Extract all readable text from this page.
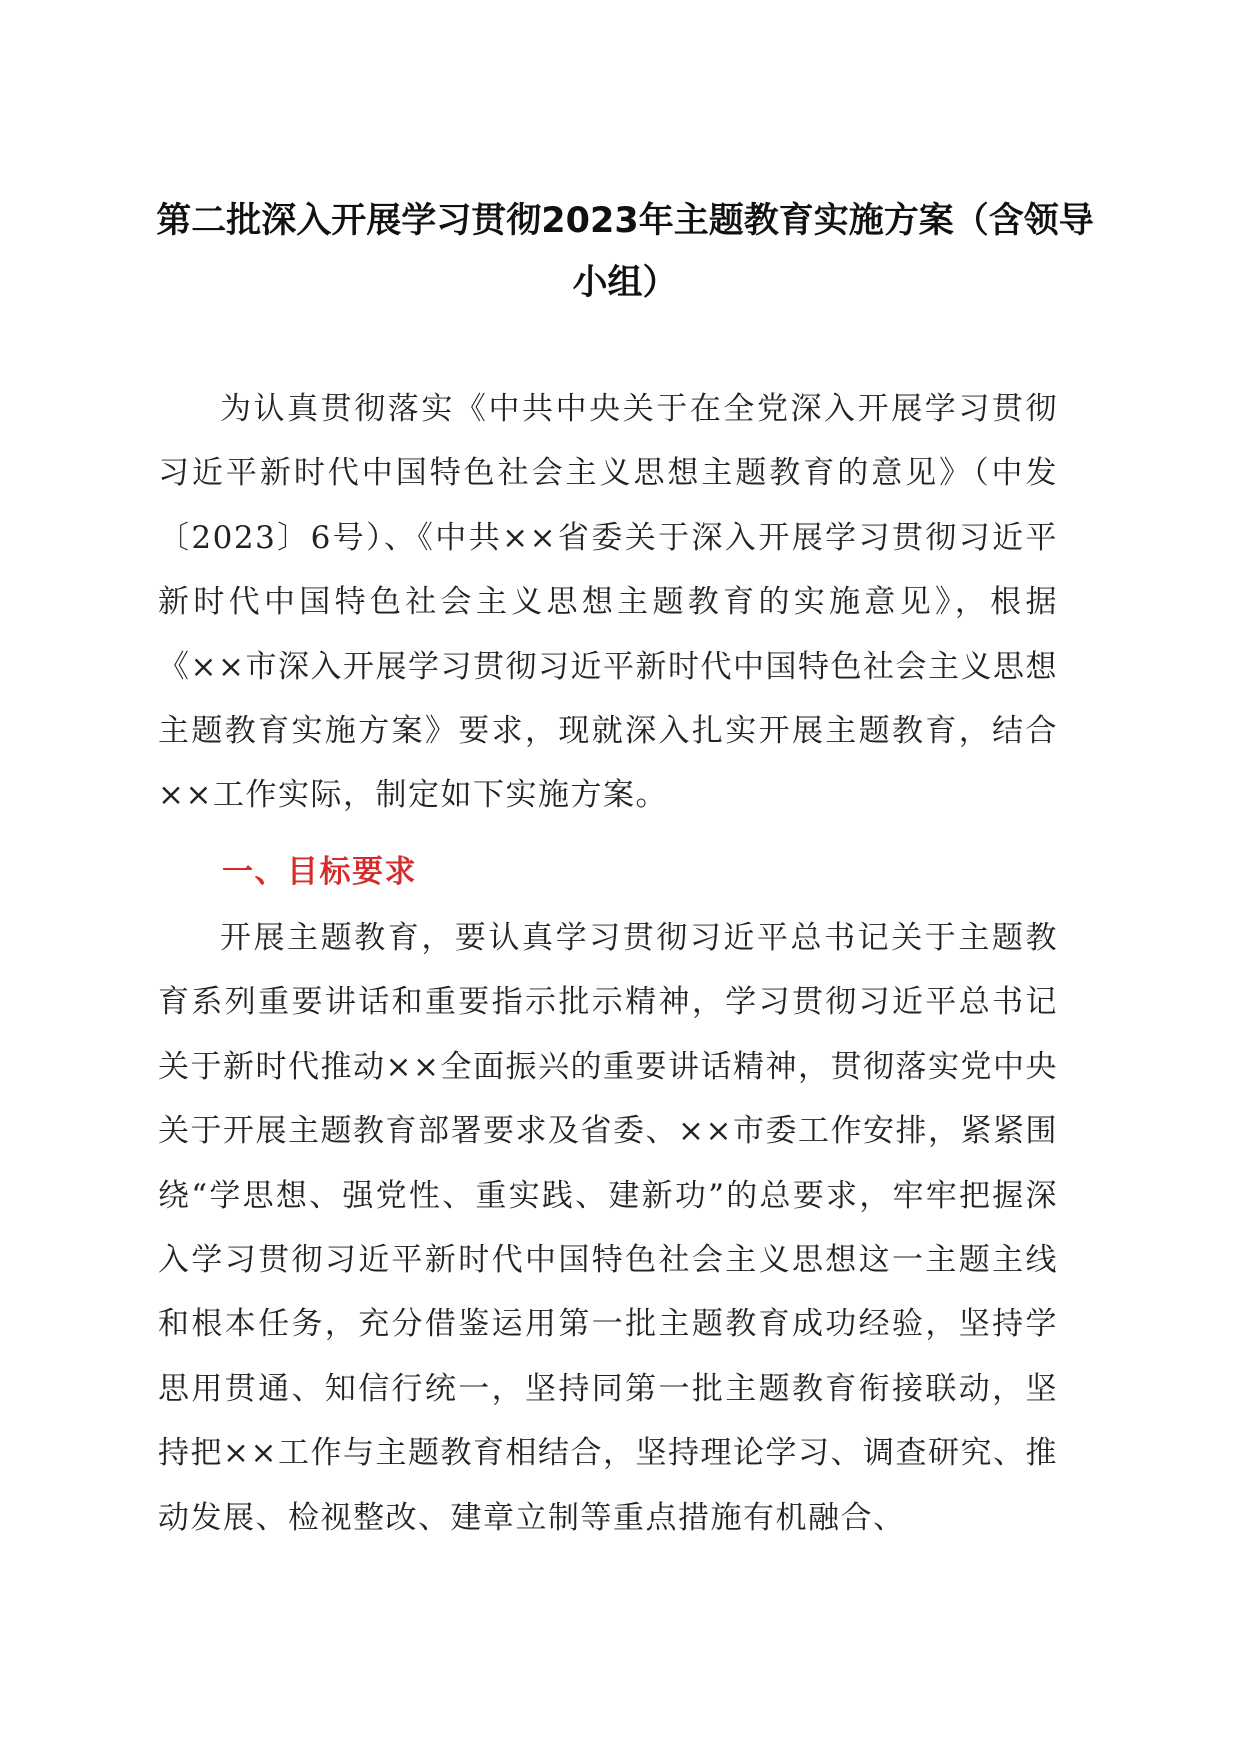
第二批深入开展学习贯彻2023年主题教育实施方案（含领导小组）

为认真贯彻落实《中共中央关于在全党深入开展学习贯彻习近平新时代中国特色社会主义思想主题教育的意见》（中发〔2023〕6号）、《中共××省委关于深入开展学习贯彻习近平新时代中国特色社会主义思想主题教育的实施意见》，根据《××市深入开展学习贯彻习近平新时代中国特色社会主义思想主题教育实施方案》要求，现就深入扎实开展主题教育，结合××工作实际，制定如下实施方案。

一、目标要求

开展主题教育，要认真学习贯彻习近平总书记关于主题教育系列重要讲话和重要指示批示精神，学习贯彻习近平总书记关于新时代推动××全面振兴的重要讲话精神，贯彻落实党中央关于开展主题教育部署要求及省委、××市委工作安排，紧紧围绕“学思想、强党性、重实践、建新功”的总要求，牢牢把握深入学习贯彻习近平新时代中国特色社会主义思想这一主题主线和根本任务，充分借鉴运用第一批主题教育成功经验，坚持学思用贯通、知信行统一，坚持同第一批主题教育衔接联动，坚持把××工作与主题教育相结合，坚持理论学习、调查研究、推动发展、检视整改、建章立制等重点措施有机融合、
